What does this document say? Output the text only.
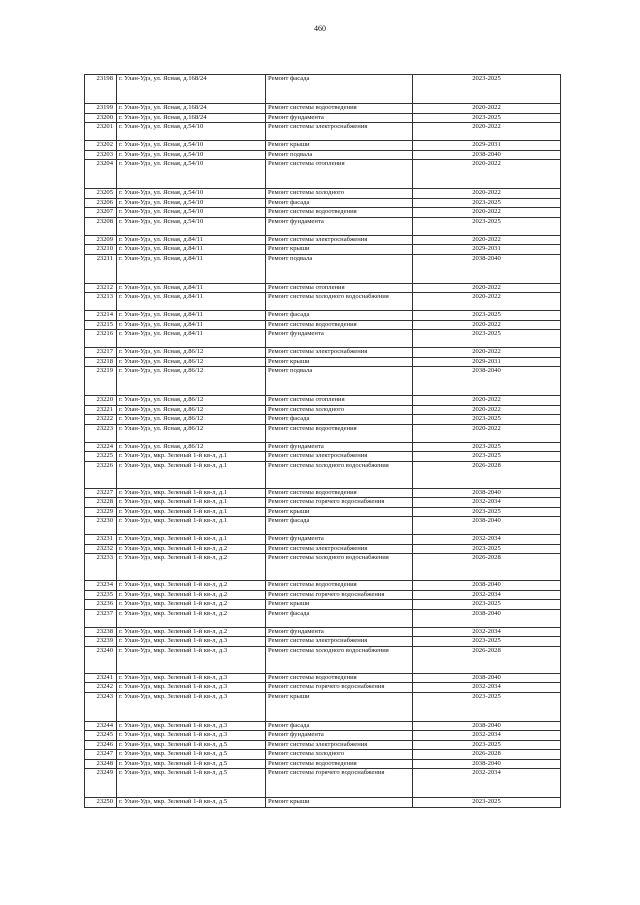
460
23198	г. Улан-Удэ, ул. Ясная, д.168/24	Ремонт фасада	2023-2025
23199	г. Улан-Удэ, ул. Ясная, д.168/24	Ремонт системы водоотведения	2020-2022
23200	г. Улан-Удэ, ул. Ясная, д.168/24	Ремонт фундамента	2023-2025
23201	г. Улан-Удэ, ул. Ясная, д.54/10	Ремонт системы электроснабжения	2020-2022
23202	г. Улан-Удэ, ул. Ясная, д.54/10	Ремонт крыши	2029-2031
23203	г. Улан-Удэ, ул. Ясная, д.54/10	Ремонт подвала	2038-2040
23204	г. Улан-Удэ, ул. Ясная, д.54/10	Ремонт системы отопления	2020-2022
23205	г. Улан-Удэ, ул. Ясная, д.54/10	Ремонт системы холодного	2020-2022
23206	г. Улан-Удэ, ул. Ясная, д.54/10	Ремонт фасада	2023-2025
23207	г. Улан-Удэ, ул. Ясная, д.54/10	Ремонт системы водоотведения	2020-2022
23208	г. Улан-Удэ, ул. Ясная, д.54/10	Ремонт фундамента	2023-2025
23209	г. Улан-Удэ, ул. Ясная, д.84/11	Ремонт системы электроснабжения	2020-2022
23210	г. Улан-Удэ, ул. Ясная, д.84/11	Ремонт крыши	2029-2031
23211	г. Улан-Удэ, ул. Ясная, д.84/11	Ремонт подвала	2038-2040
23212	г. Улан-Удэ, ул. Ясная, д.84/11	Ремонт системы отопления	2020-2022
23213	г. Улан-Удэ, ул. Ясная, д.84/11	Ремонт системы холодного водоснабжения	2020-2022
23214	г. Улан-Удэ, ул. Ясная, д.84/11	Ремонт фасада	2023-2025
23215	г. Улан-Удэ, ул. Ясная, д.84/11	Ремонт системы водоотведения	2020-2022
23216	г. Улан-Удэ, ул. Ясная, д.84/11	Ремонт фундамента	2023-2025
23217	г. Улан-Удэ, ул. Ясная, д.86/12	Ремонт системы электроснабжения	2020-2022
23218	г. Улан-Удэ, ул. Ясная, д.86/12	Ремонт крыши	2029-2031
23219	г. Улан-Удэ, ул. Ясная, д.86/12	Ремонт подвала	2038-2040
23220	г. Улан-Удэ, ул. Ясная, д.86/12	Ремонт системы отопления	2020-2022
23221	г. Улан-Удэ, ул. Ясная, д.86/12	Ремонт системы холодного	2020-2022
23222	г. Улан-Удэ, ул. Ясная, д.86/12	Ремонт фасада	2023-2025
23223	г. Улан-Удэ, ул. Ясная, д.86/12	Ремонт системы водоотведения	2020-2022
23224	г. Улан-Удэ, ул. Ясная, д.86/12	Ремонт фундамента	2023-2025
23225	г. Улан-Удэ, мкр. Зеленый 1-й кв-л, д.1	Ремонт системы электроснабжения	2023-2025
23226	г. Улан-Удэ, мкр. Зеленый 1-й кв-л, д.1	Ремонт системы холодного водоснабжения	2026-2028
23227	г. Улан-Удэ, мкр. Зеленый 1-й кв-л, д.1	Ремонт системы водоотведения	2038-2040
23228	г. Улан-Удэ, мкр. Зеленый 1-й кв-л, д.1	Ремонт системы горячего водоснабжения	2032-2034
23229	г. Улан-Удэ, мкр. Зеленый 1-й кв-л, д.1	Ремонт крыши	2023-2025
23230	г. Улан-Удэ, мкр. Зеленый 1-й кв-л, д.1	Ремонт фасада	2038-2040
23231	г. Улан-Удэ, мкр. Зеленый 1-й кв-л, д.1	Ремонт фундамента	2032-2034
23232	г. Улан-Удэ, мкр. Зеленый 1-й кв-л, д.2	Ремонт системы электроснабжения	2023-2025
23233	г. Улан-Удэ, мкр. Зеленый 1-й кв-л, д.2	Ремонт системы холодного водоснабжения	2026-2028
23234	г. Улан-Удэ, мкр. Зеленый 1-й кв-л, д.2	Ремонт системы водоотведения	2038-2040
23235	г. Улан-Удэ, мкр. Зеленый 1-й кв-л, д.2	Ремонт системы горячего водоснабжения	2032-2034
23236	г. Улан-Удэ, мкр. Зеленый 1-й кв-л, д.2	Ремонт крыши	2023-2025
23237	г. Улан-Удэ, мкр. Зеленый 1-й кв-л, д.2	Ремонт фасада	2038-2040
23238	г. Улан-Удэ, мкр. Зеленый 1-й кв-л, д.2	Ремонт фундамента	2032-2034
23239	г. Улан-Удэ, мкр. Зеленый 1-й кв-л, д.3	Ремонт системы электроснабжения	2023-2025
23240	г. Улан-Удэ, мкр. Зеленый 1-й кв-л, д.3	Ремонт системы холодного водоснабжения	2026-2028
23241	г. Улан-Удэ, мкр. Зеленый 1-й кв-л, д.3	Ремонт системы водоотведения	2038-2040
23242	г. Улан-Удэ, мкр. Зеленый 1-й кв-л, д.3	Ремонт системы горячего водоснабжения	2032-2034
23243	г. Улан-Удэ, мкр. Зеленый 1-й кв-л, д.3	Ремонт крыши	2023-2025
23244	г. Улан-Удэ, мкр. Зеленый 1-й кв-л, д.3	Ремонт фасада	2038-2040
23245	г. Улан-Удэ, мкр. Зеленый 1-й кв-л, д.3	Ремонт фундамента	2032-2034
23246	г. Улан-Удэ, мкр. Зеленый 1-й кв-л, д.5	Ремонт системы электроснабжения	2023-2025
23247	г. Улан-Удэ, мкр. Зеленый 1-й кв-л, д.5	Ремонт системы холодного	2026-2028
23248	г. Улан-Удэ, мкр. Зеленый 1-й кв-л, д.5	Ремонт системы водоотведения	2038-2040
23249	г. Улан-Удэ, мкр. Зеленый 1-й кв-л, д.5	Ремонт системы горячего водоснабжения	2032-2034
23250	г. Улан-Удэ, мкр. Зеленый 1-й кв-л, д.5	Ремонт крыши	2023-2025
